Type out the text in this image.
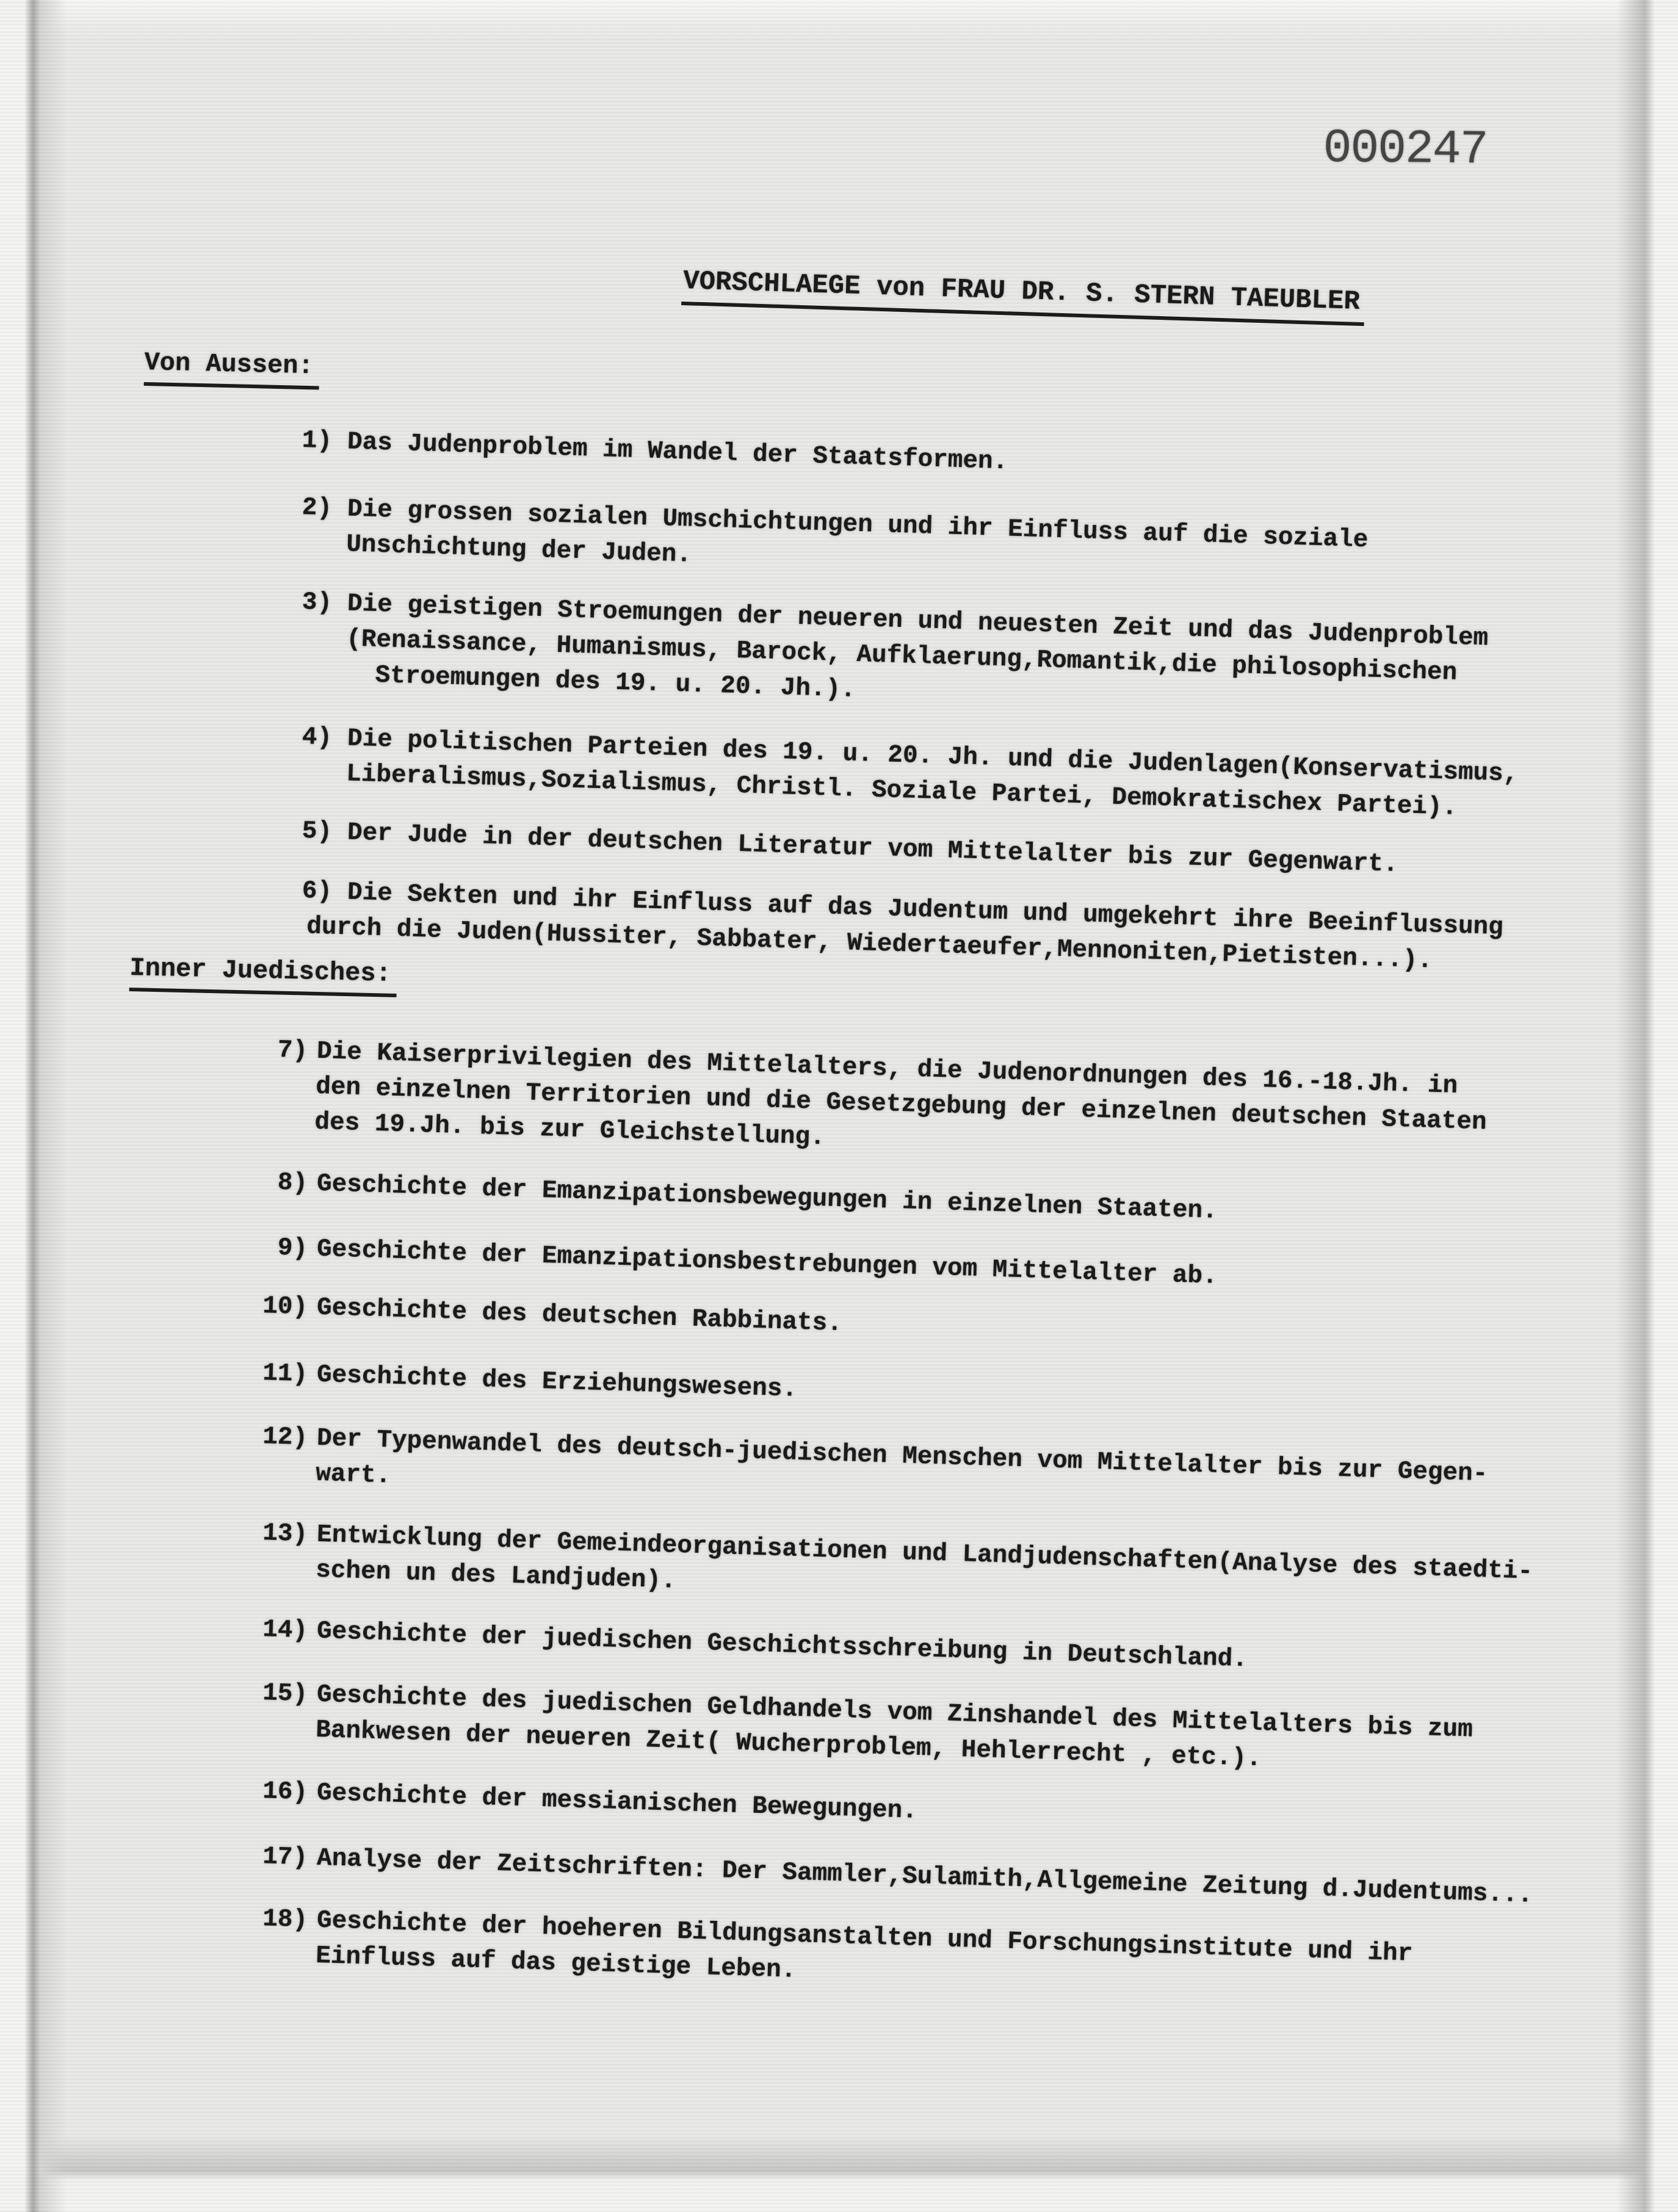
000247
VORSCHLAEGE von FRAU DR. S. STERN TAEUBLER
Von Aussen:
1) Das Judenproblem im Wandel der Staatsformen.
2) Die grossen sozialen Umschichtungen und ihr Einfluss auf die soziale
Unschichtung der Juden.
3) Die geistigen Stroemungen der neueren und neuesten Zeit und das Judenproblem
(Renaissance, Humanismus, Barock, Aufklaerung,Romantik,die philosophischen
Stroemungen des 19. u. 20. Jh.).
4) Die politischen Parteien des 19. u. 20. Jh. und die Judenlagen(Konservatismus,
Liberalismus,Sozialismus, Christl. Soziale Partei, Demokratischex Partei).
5) Der Jude in der deutschen Literatur vom Mittelalter bis zur Gegenwart.
6) Die Sekten und ihr Einfluss auf das Judentum und umgekehrt ihre Beeinflussung
durch die Juden(Hussiter, Sabbater, Wiedertaeufer,Mennoniten,Pietisten...).
Inner Juedisches:
7) Die Kaiserprivilegien des Mittelalters, die Judenordnungen des 16.-18.Jh. in
den einzelnen Territorien und die Gesetzgebung der einzelnen deutschen Staaten
des 19.Jh. bis zur Gleichstellung.
8) Geschichte der Emanzipationsbewegungen in einzelnen Staaten.
9) Geschichte der Emanzipationsbestrebungen vom Mittelalter ab.
10) Geschichte des deutschen Rabbinats.
11) Geschichte des Erziehungswesens.
12) Der Typenwandel des deutsch-juedischen Menschen vom Mittelalter bis zur Gegen-
wart.
13) Entwicklung der Gemeindeorganisationen und Landjudenschaften(Analyse des staedti-
schen un des Landjuden).
14) Geschichte der juedischen Geschichtsschreibung in Deutschland.
15) Geschichte des juedischen Geldhandels vom Zinshandel des Mittelalters bis zum
Bankwesen der neueren Zeit( Wucherproblem, Hehlerrecht , etc.).
16) Geschichte der messianischen Bewegungen.
17) Analyse der Zeitschriften: Der Sammler,Sulamith,Allgemeine Zeitung d.Judentums...
18) Geschichte der hoeheren Bildungsanstalten und Forschungsinstitute und ihr
Einfluss auf das geistige Leben.
